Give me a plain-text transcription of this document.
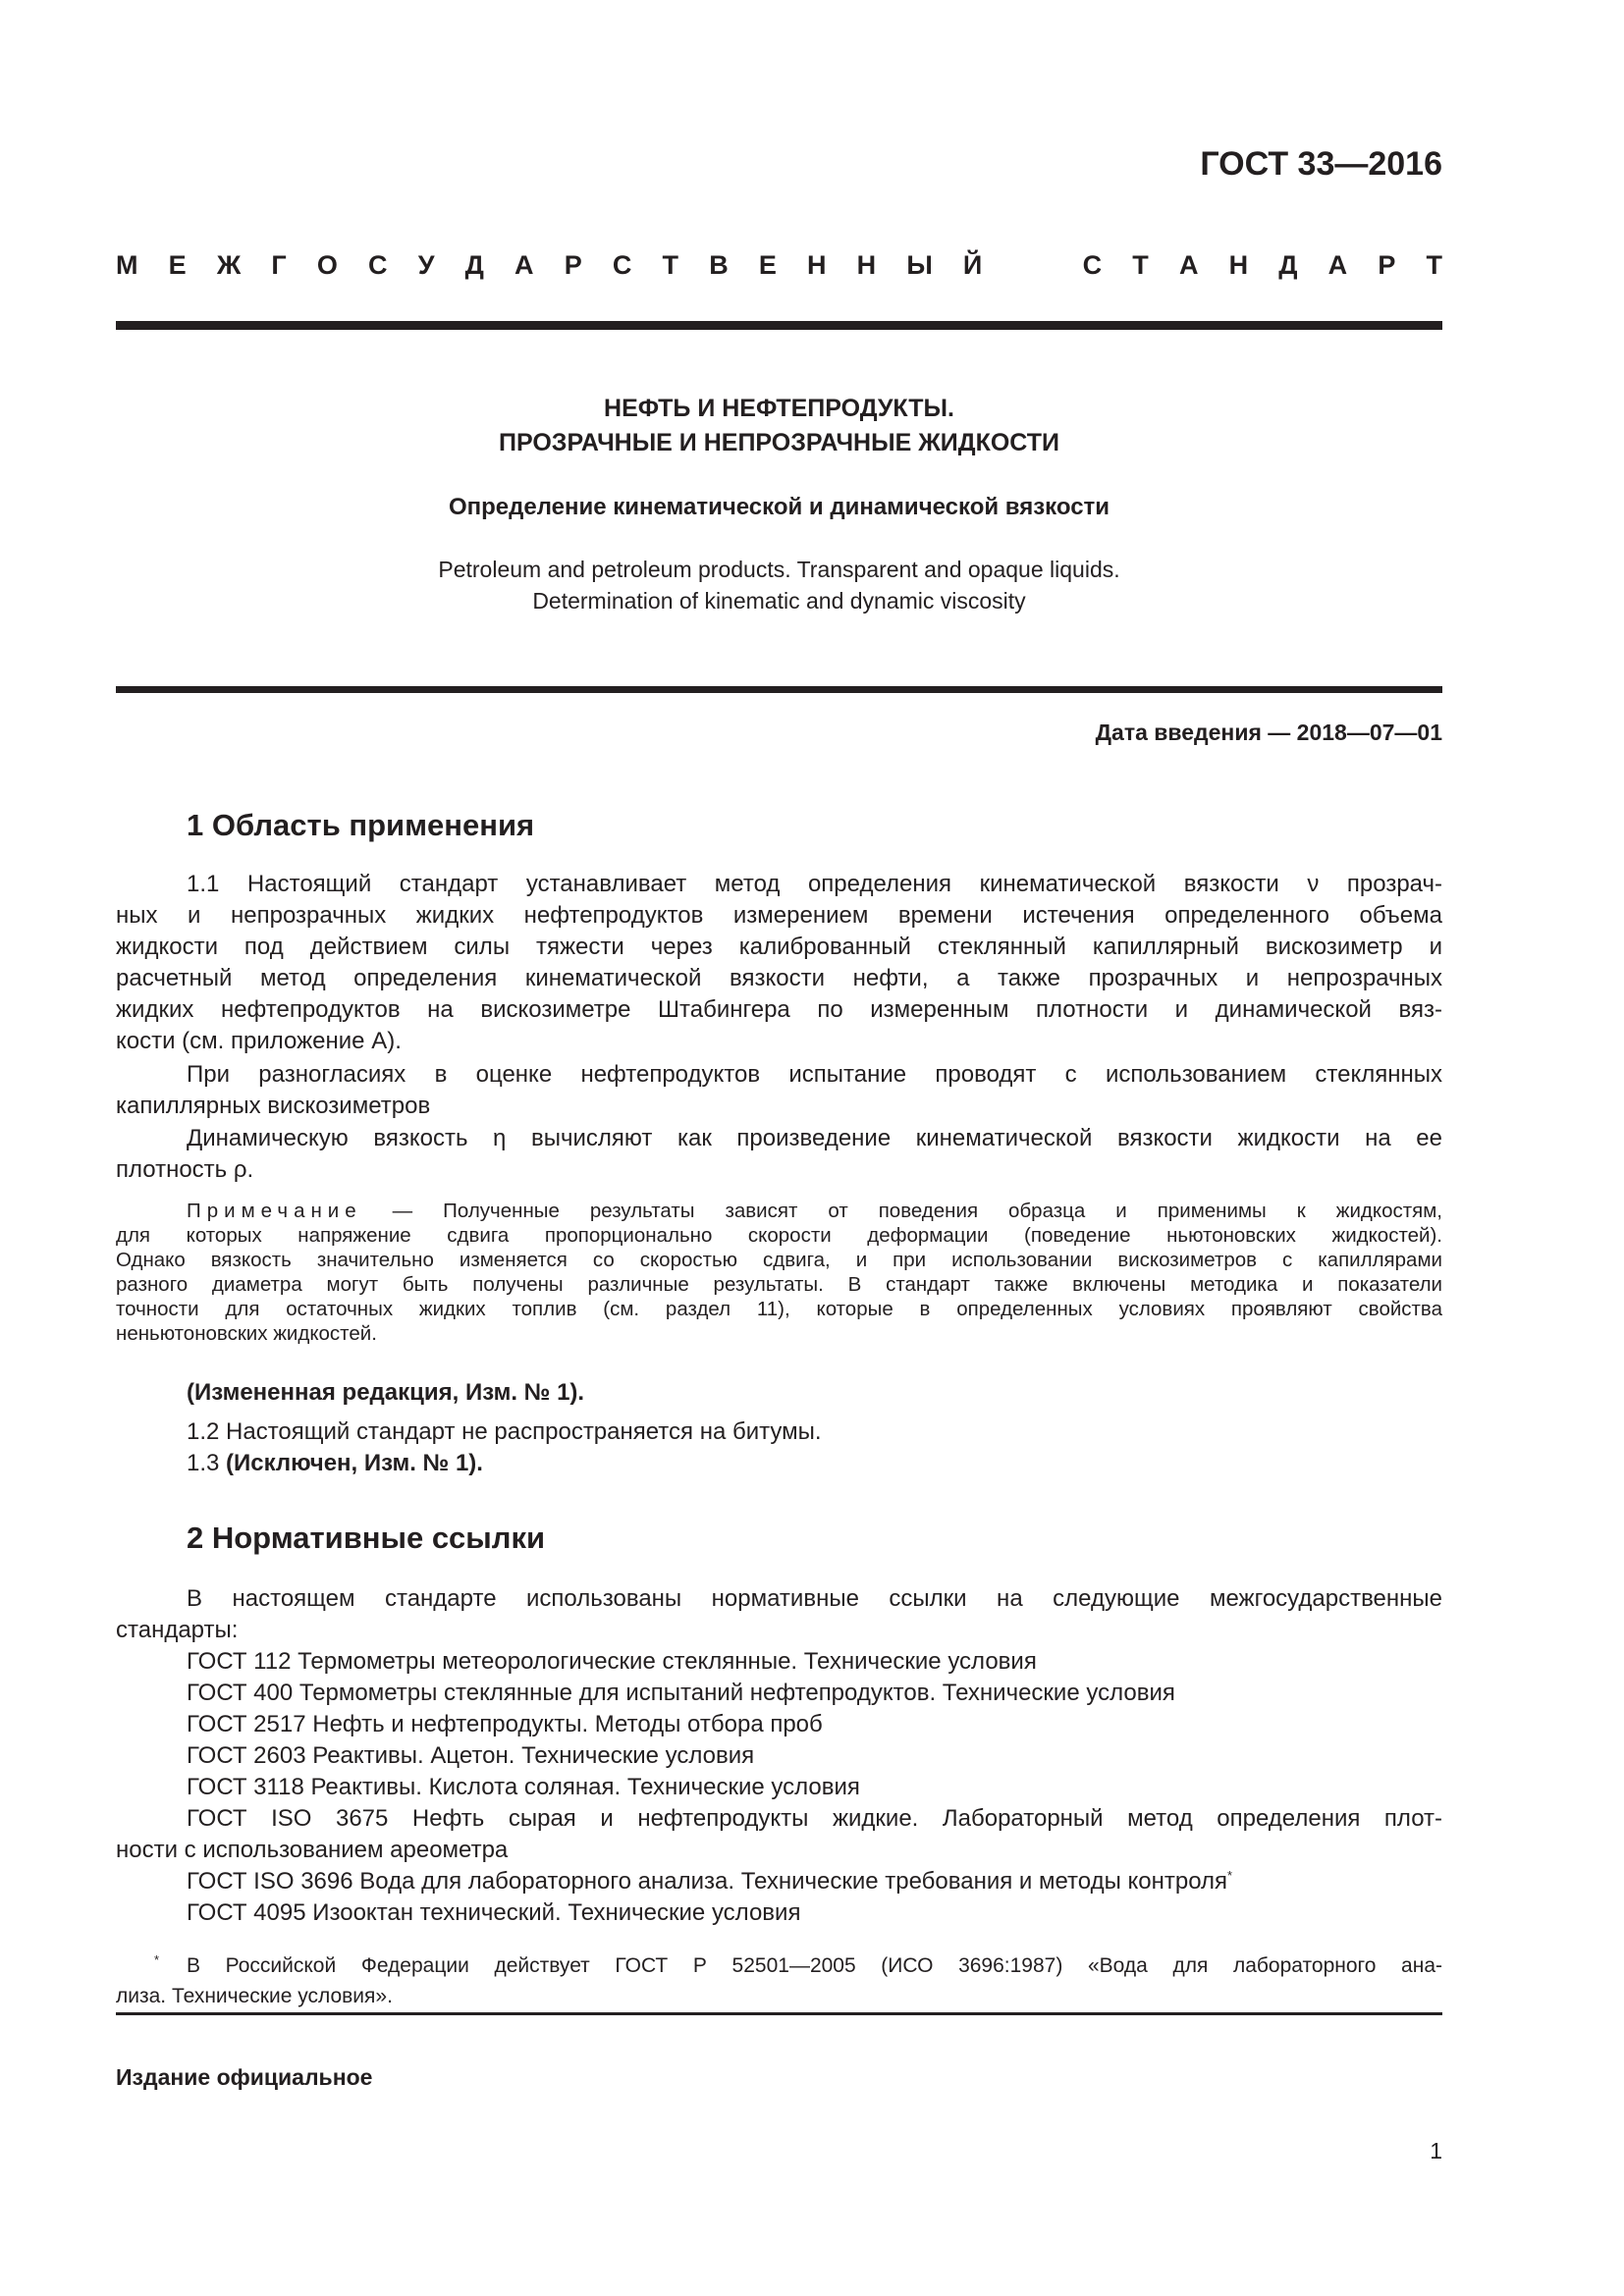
ГОСТ 33—2016
М Е Ж Г О С У Д А Р С Т В Е Н Н Ы Й	С Т А Н Д А Р Т
НЕФТЬ И НЕФТЕПРОДУКТЫ.
ПРОЗРАЧНЫЕ И НЕПРОЗРАЧНЫЕ ЖИДКОСТИ
Определение кинематической и динамической вязкости
Petroleum and petroleum products. Transparent and opaque liquids.
Determination of kinematic and dynamic viscosity
Дата введения — 2018—07—01
1 Область применения
1.1 Настоящий стандарт устанавливает метод определения кинематической вязкости ν прозрач-
ных и непрозрачных жидких нефтепродуктов измерением времени истечения определенного объема
жидкости под действием силы тяжести через калиброванный стеклянный капиллярный вискозиметр и
расчетный метод определения кинематической вязкости нефти, а также прозрачных и непрозрачных
жидких нефтепродуктов на вискозиметре Штабингера по измеренным плотности и динамической вяз-
кости (см. приложение А).
При разногласиях в оценке нефтепродуктов испытание проводят с использованием стеклянных
капиллярных вискозиметров
Динамическую вязкость η вычисляют как произведение кинематической вязкости жидкости на ее
плотность ρ.
Примечание — Полученные результаты зависят от поведения образца и применимы к жидкостям,
для которых напряжение сдвига пропорционально скорости деформации (поведение ньютоновских жидкостей).
Однако вязкость значительно изменяется со скоростью сдвига, и при использовании вискозиметров с капиллярами
разного диаметра могут быть получены различные результаты. В стандарт также включены методика и показатели
точности для остаточных жидких топлив (см. раздел 11), которые в определенных условиях проявляют свойства
неньютоновских жидкостей.
(Измененная редакция, Изм. № 1).
1.2 Настоящий стандарт не распространяется на битумы.
1.3 (Исключен, Изм. № 1).
2 Нормативные ссылки
В настоящем стандарте использованы нормативные ссылки на следующие межгосударственные
стандарты:
ГОСТ 112 Термометры метеорологические стеклянные. Технические условия
ГОСТ 400 Термометры стеклянные для испытаний нефтепродуктов. Технические условия
ГОСТ 2517 Нефть и нефтепродукты. Методы отбора проб
ГОСТ 2603 Реактивы. Ацетон. Технические условия
ГОСТ 3118 Реактивы. Кислота соляная. Технические условия
ГОСТ ISO 3675 Нефть сырая и нефтепродукты жидкие. Лабораторный метод определения плот-
ности с использованием ареометра
ГОСТ ISO 3696 Вода для лабораторного анализа. Технические требования и методы контроля*
ГОСТ 4095 Изооктан технический. Технические условия
*	В Российской Федерации действует ГОСТ Р 52501—2005 (ИСО 3696:1987) «Вода для лабораторного ана-
лиза. Технические условия».
Издание официальное
1
